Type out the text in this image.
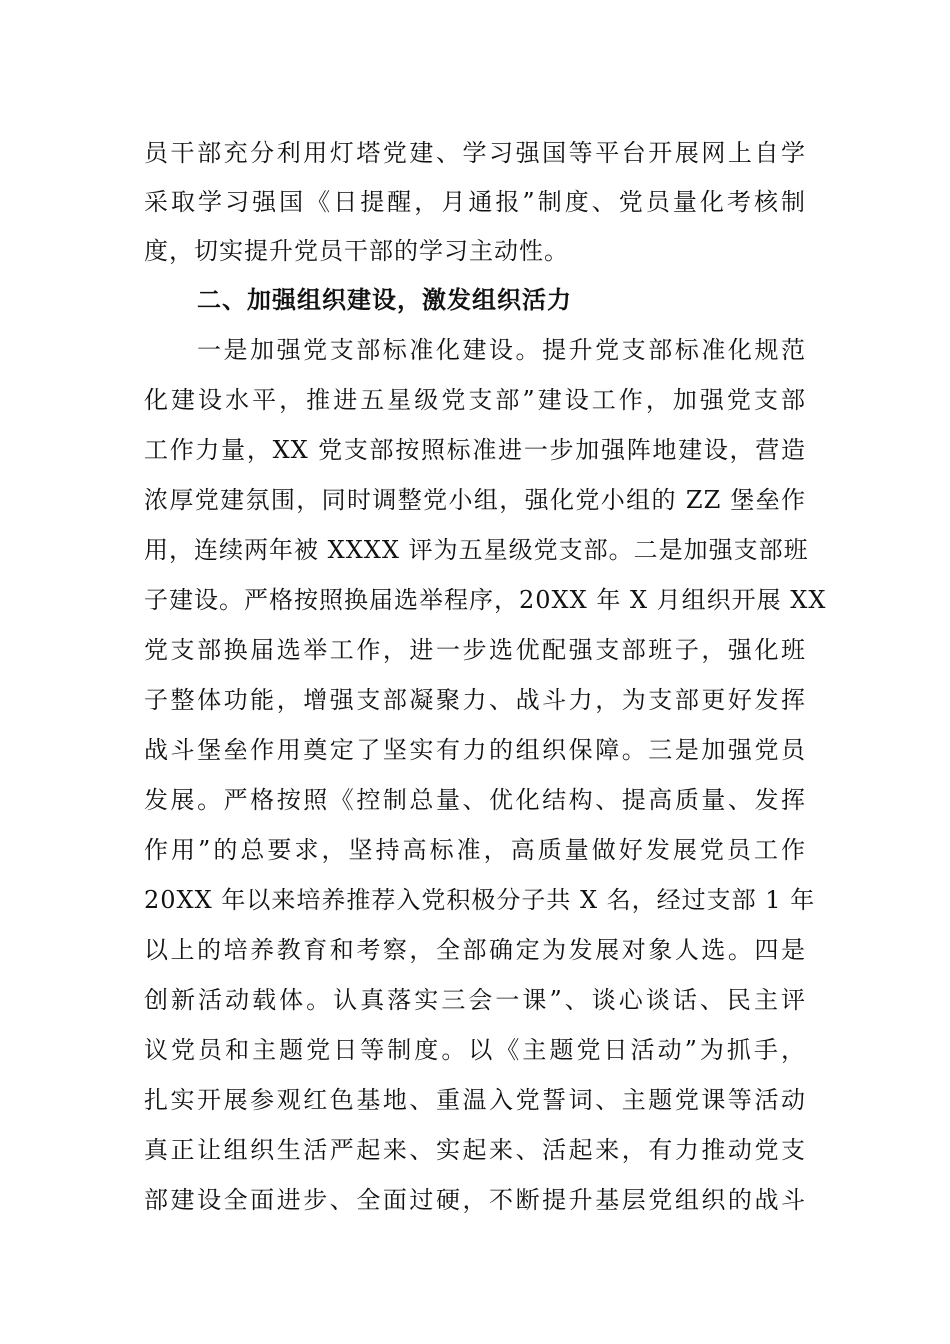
员干部充分利用灯塔党建、学习强国等平台开展网上自学
采取学习强国《日提醒，月通报”制度、党员量化考核制
度，切实提升党员干部的学习主动性。
二、加强组织建设，激发组织活力
一是加强党支部标准化建设。提升党支部标准化规范
化建设水平，推进五星级党支部”建设工作，加强党支部
工作力量，XX 党支部按照标准进一步加强阵地建设，营造
浓厚党建氛围，同时调整党小组，强化党小组的 ZZ 堡垒作
用，连续两年被 XXXX 评为五星级党支部。二是加强支部班
子建设。严格按照换届选举程序，20XX 年 X 月组织开展 XX
党支部换届选举工作，进一步选优配强支部班子，强化班
子整体功能，增强支部凝聚力、战斗力，为支部更好发挥
战斗堡垒作用奠定了坚实有力的组织保障。三是加强党员
发展。严格按照《控制总量、优化结构、提高质量、发挥
作用”的总要求，坚持高标准，高质量做好发展党员工作
20XX 年以来培养推荐入党积极分子共 X 名，经过支部 1 年
以上的培养教育和考察，全部确定为发展对象人选。四是
创新活动载体。认真落实三会一课”、谈心谈话、民主评
议党员和主题党日等制度。以《主题党日活动”为抓手，
扎实开展参观红色基地、重温入党誓词、主题党课等活动
真正让组织生活严起来、实起来、活起来，有力推动党支
部建设全面进步、全面过硬，不断提升基层党组织的战斗
